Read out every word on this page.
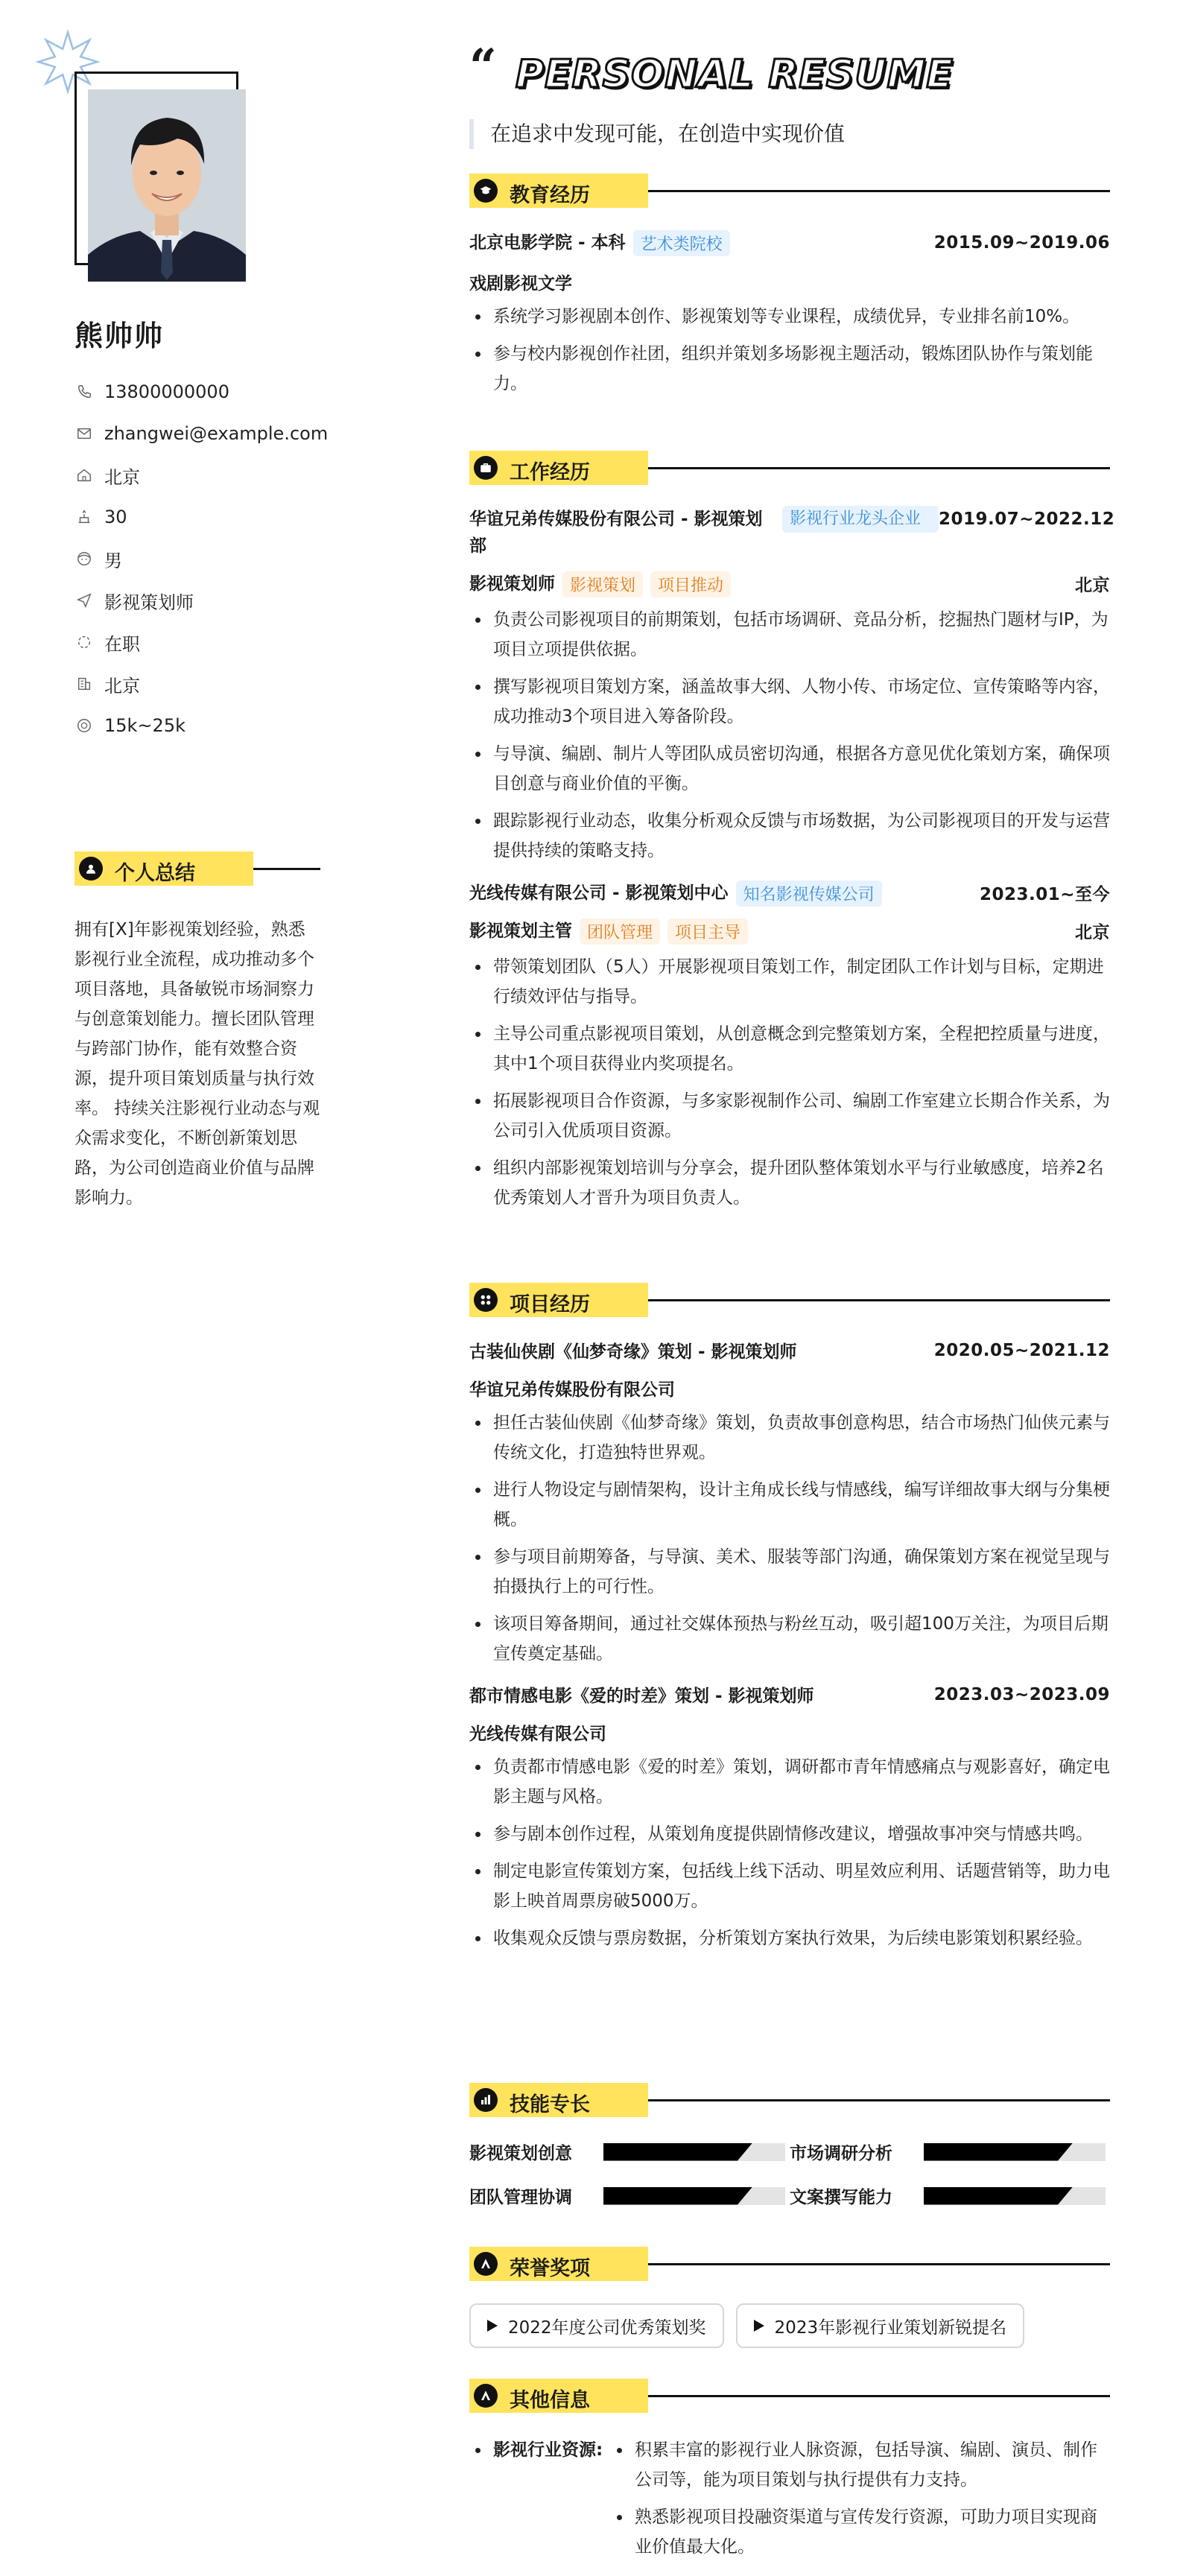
熊帅帅
13800000000
zhangwei@example.com
北京
30
男
影视策划师
在职
北京
15k~25k
个人总结
拥有[X]年影视策划经验，熟悉影视行业全流程，成功推动多个项目落地，具备敏锐市场洞察力与创意策划能力。擅长团队管理与跨部门协作，能有效整合资源，提升项目策划质量与执行效率。 持续关注影视行业动态与观众需求变化，不断创新策划思路，为公司创造商业价值与品牌影响力。
“ PERSONAL RESUME
在追求中发现可能，在创造中实现价值
教育经历
北京电影学院 - 本科 艺术类院校	2015.09~2019.06
戏剧影视文学
系统学习影视剧本创作、影视策划等专业课程，成绩优异，专业排名前10%。
参与校内影视创作社团，组织并策划多场影视主题活动，锻炼团队协作与策划能力。
工作经历
华谊兄弟传媒股份有限公司 - 影视策划部
影视行业龙头企业	2019.07~2022.12
影视策划师 影视策划 项目推动	北京
负责公司影视项目的前期策划，包括市场调研、竞品分析，挖掘热门题材与IP，为项目立项提供依据。
撰写影视项目策划方案，涵盖故事大纲、人物小传、市场定位、宣传策略等内容，成功推动3个项目进入筹备阶段。
与导演、编剧、制片人等团队成员密切沟通，根据各方意见优化策划方案，确保项目创意与商业价值的平衡。
跟踪影视行业动态，收集分析观众反馈与市场数据，为公司影视项目的开发与运营提供持续的策略支持。
光线传媒有限公司 - 影视策划中心 知名影视传媒公司	2023.01~至今
影视策划主管 团队管理 项目主导	北京
带领策划团队（5人）开展影视项目策划工作，制定团队工作计划与目标，定期进行绩效评估与指导。
主导公司重点影视项目策划，从创意概念到完整策划方案，全程把控质量与进度，其中1个项目获得业内奖项提名。
拓展影视项目合作资源，与多家影视制作公司、编剧工作室建立长期合作关系，为公司引入优质项目资源。
组织内部影视策划培训与分享会，提升团队整体策划水平与行业敏感度，培养2名优秀策划人才晋升为项目负责人。
项目经历
古装仙侠剧《仙梦奇缘》策划 - 影视策划师	2020.05~2021.12
华谊兄弟传媒股份有限公司
担任古装仙侠剧《仙梦奇缘》策划，负责故事创意构思，结合市场热门仙侠元素与传统文化，打造独特世界观。
进行人物设定与剧情架构，设计主角成长线与情感线，编写详细故事大纲与分集梗概。
参与项目前期筹备，与导演、美术、服装等部门沟通，确保策划方案在视觉呈现与拍摄执行上的可行性。
该项目筹备期间，通过社交媒体预热与粉丝互动，吸引超100万关注，为项目后期宣传奠定基础。
都市情感电影《爱的时差》策划 - 影视策划师	2023.03~2023.09
光线传媒有限公司
负责都市情感电影《爱的时差》策划，调研都市青年情感痛点与观影喜好，确定电影主题与风格。
参与剧本创作过程，从策划角度提供剧情修改建议，增强故事冲突与情感共鸣。
制定电影宣传策划方案，包括线上线下活动、明星效应利用、话题营销等，助力电影上映首周票房破5000万。
收集观众反馈与票房数据，分析策划方案执行效果，为后续电影策划积累经验。
技能专长
影视策划创意	市场调研分析
团队管理协调	文案撰写能力
荣誉奖项
2022年度公司优秀策划奖	2023年影视行业策划新锐提名
其他信息
影视行业资源:	积累丰富的影视行业人脉资源，包括导演、编剧、演员、制作公司等，能为项目策划与执行提供有力支持。
熟悉影视项目投融资渠道与宣传发行资源，可助力项目实现商业价值最大化。
